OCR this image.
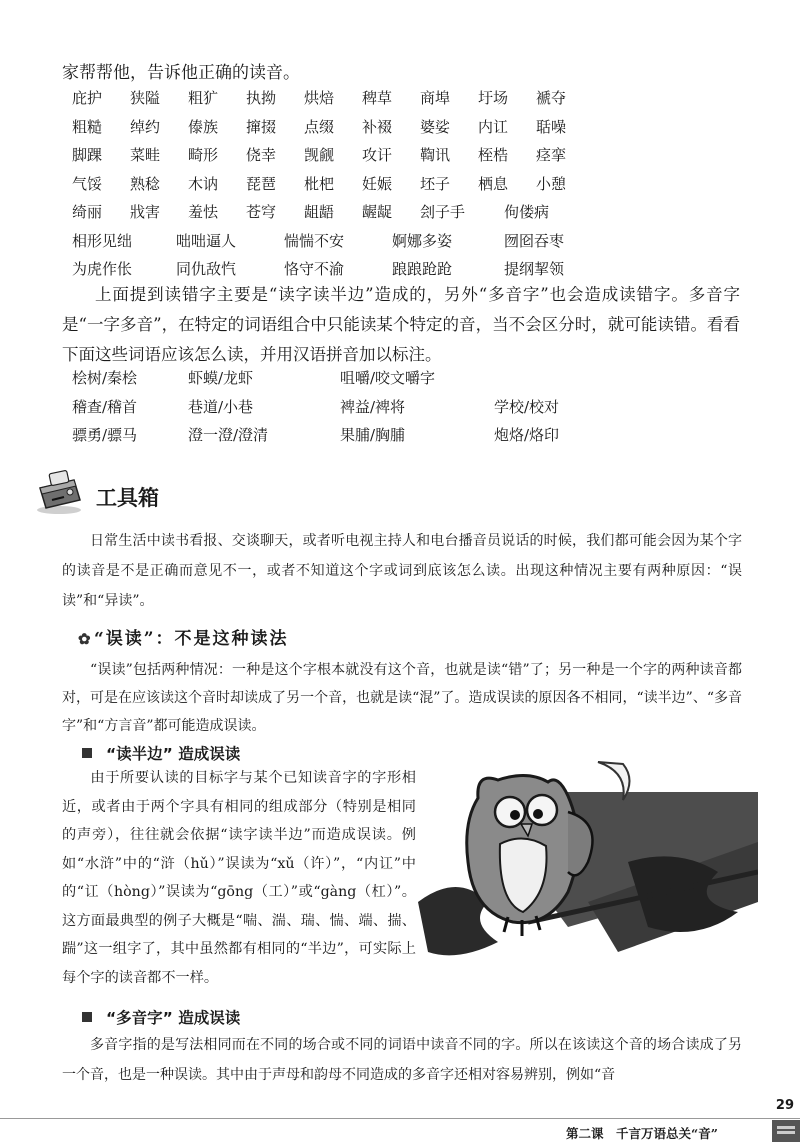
家帮帮他，告诉他正确的读音。
庇护 狭隘 粗犷 执拗 烘焙 稗草 商埠 圩场 褫夺
粗糙 绰约 傣族 撺掇 点缀 补裰 婆娑 内讧 聒噪
脚踝 菜畦 畸形 侥幸 觊觎 攻讦 鞫讯 桎梏 痉挛
气馁 熟稔 木讷 琵琶 枇杷 妊娠 坯子 栖息 小憩
绮丽 戕害 羞怯 苍穹 龃龉 龌龊 刽子手	佝偻病
相形见绌	咄咄逼人	惴惴不安	婀娜多姿	囫囵吞枣
为虎作伥	同仇敌忾	恪守不渝	踉踉跄跄	提纲挈领
上面提到读错字主要是“读字读半边”造成的，另外“多音字”也会造成读错字。多音字是“一字多音”，在特定的词语组合中只能读某个特定的音，当不会区分时，就可能读错。看看下面这些词语应该怎么读，并用汉语拼音加以标注。
桧树/秦桧	虾蟆/龙虾	咀嚼/咬文嚼字
稽查/稽首	巷道/小巷	裨益/裨将	学校/校对
骠勇/骠马	澄一澄/澄清	果脯/胸脯	炮烙/烙印
工具箱
日常生活中读书看报、交谈聊天，或者听电视主持人和电台播音员说话的时候，我们都可能会因为某个字的读音是不是正确而意见不一，或者不知道这个字或词到底该怎么读。出现这种情况主要有两种原因：“误读”和“异读”。
✿“误读”：不是这种读法
“误读”包括两种情况：一种是这个字根本就没有这个音，也就是读“错”了；另一种是一个字的两种读音都对，可是在应该读这个音时却读成了另一个音，也就是读“混”了。造成误读的原因各不相同，“读半边”、“多音字”和“方言音”都可能造成误读。
“读半边” 造成误读
由于所要认读的目标字与某个已知读音字的字形相近，或者由于两个字具有相同的组成部分（特别是相同的声旁），往往就会依据“读字读半边”而造成误读。例如“水浒”中的“浒（hǔ）”误读为“xǔ（许）”，“内讧”中的“讧（hòng）”误读为“gōng（工）”或“gàng（杠）”。这方面最典型的例子大概是“喘、湍、瑞、惴、端、揣、踹”这一组字了，其中虽然都有相同的“半边”，可实际上每个字的读音都不一样。
“多音字” 造成误读
多音字指的是写法相同而在不同的场合或不同的词语中读音不同的字。所以在该读这个音的场合读成了另一个音，也是一种误读。其中由于声母和韵母不同造成的多音字还相对容易辨别，例如“音
29
第二课　千言万语总关“音”
